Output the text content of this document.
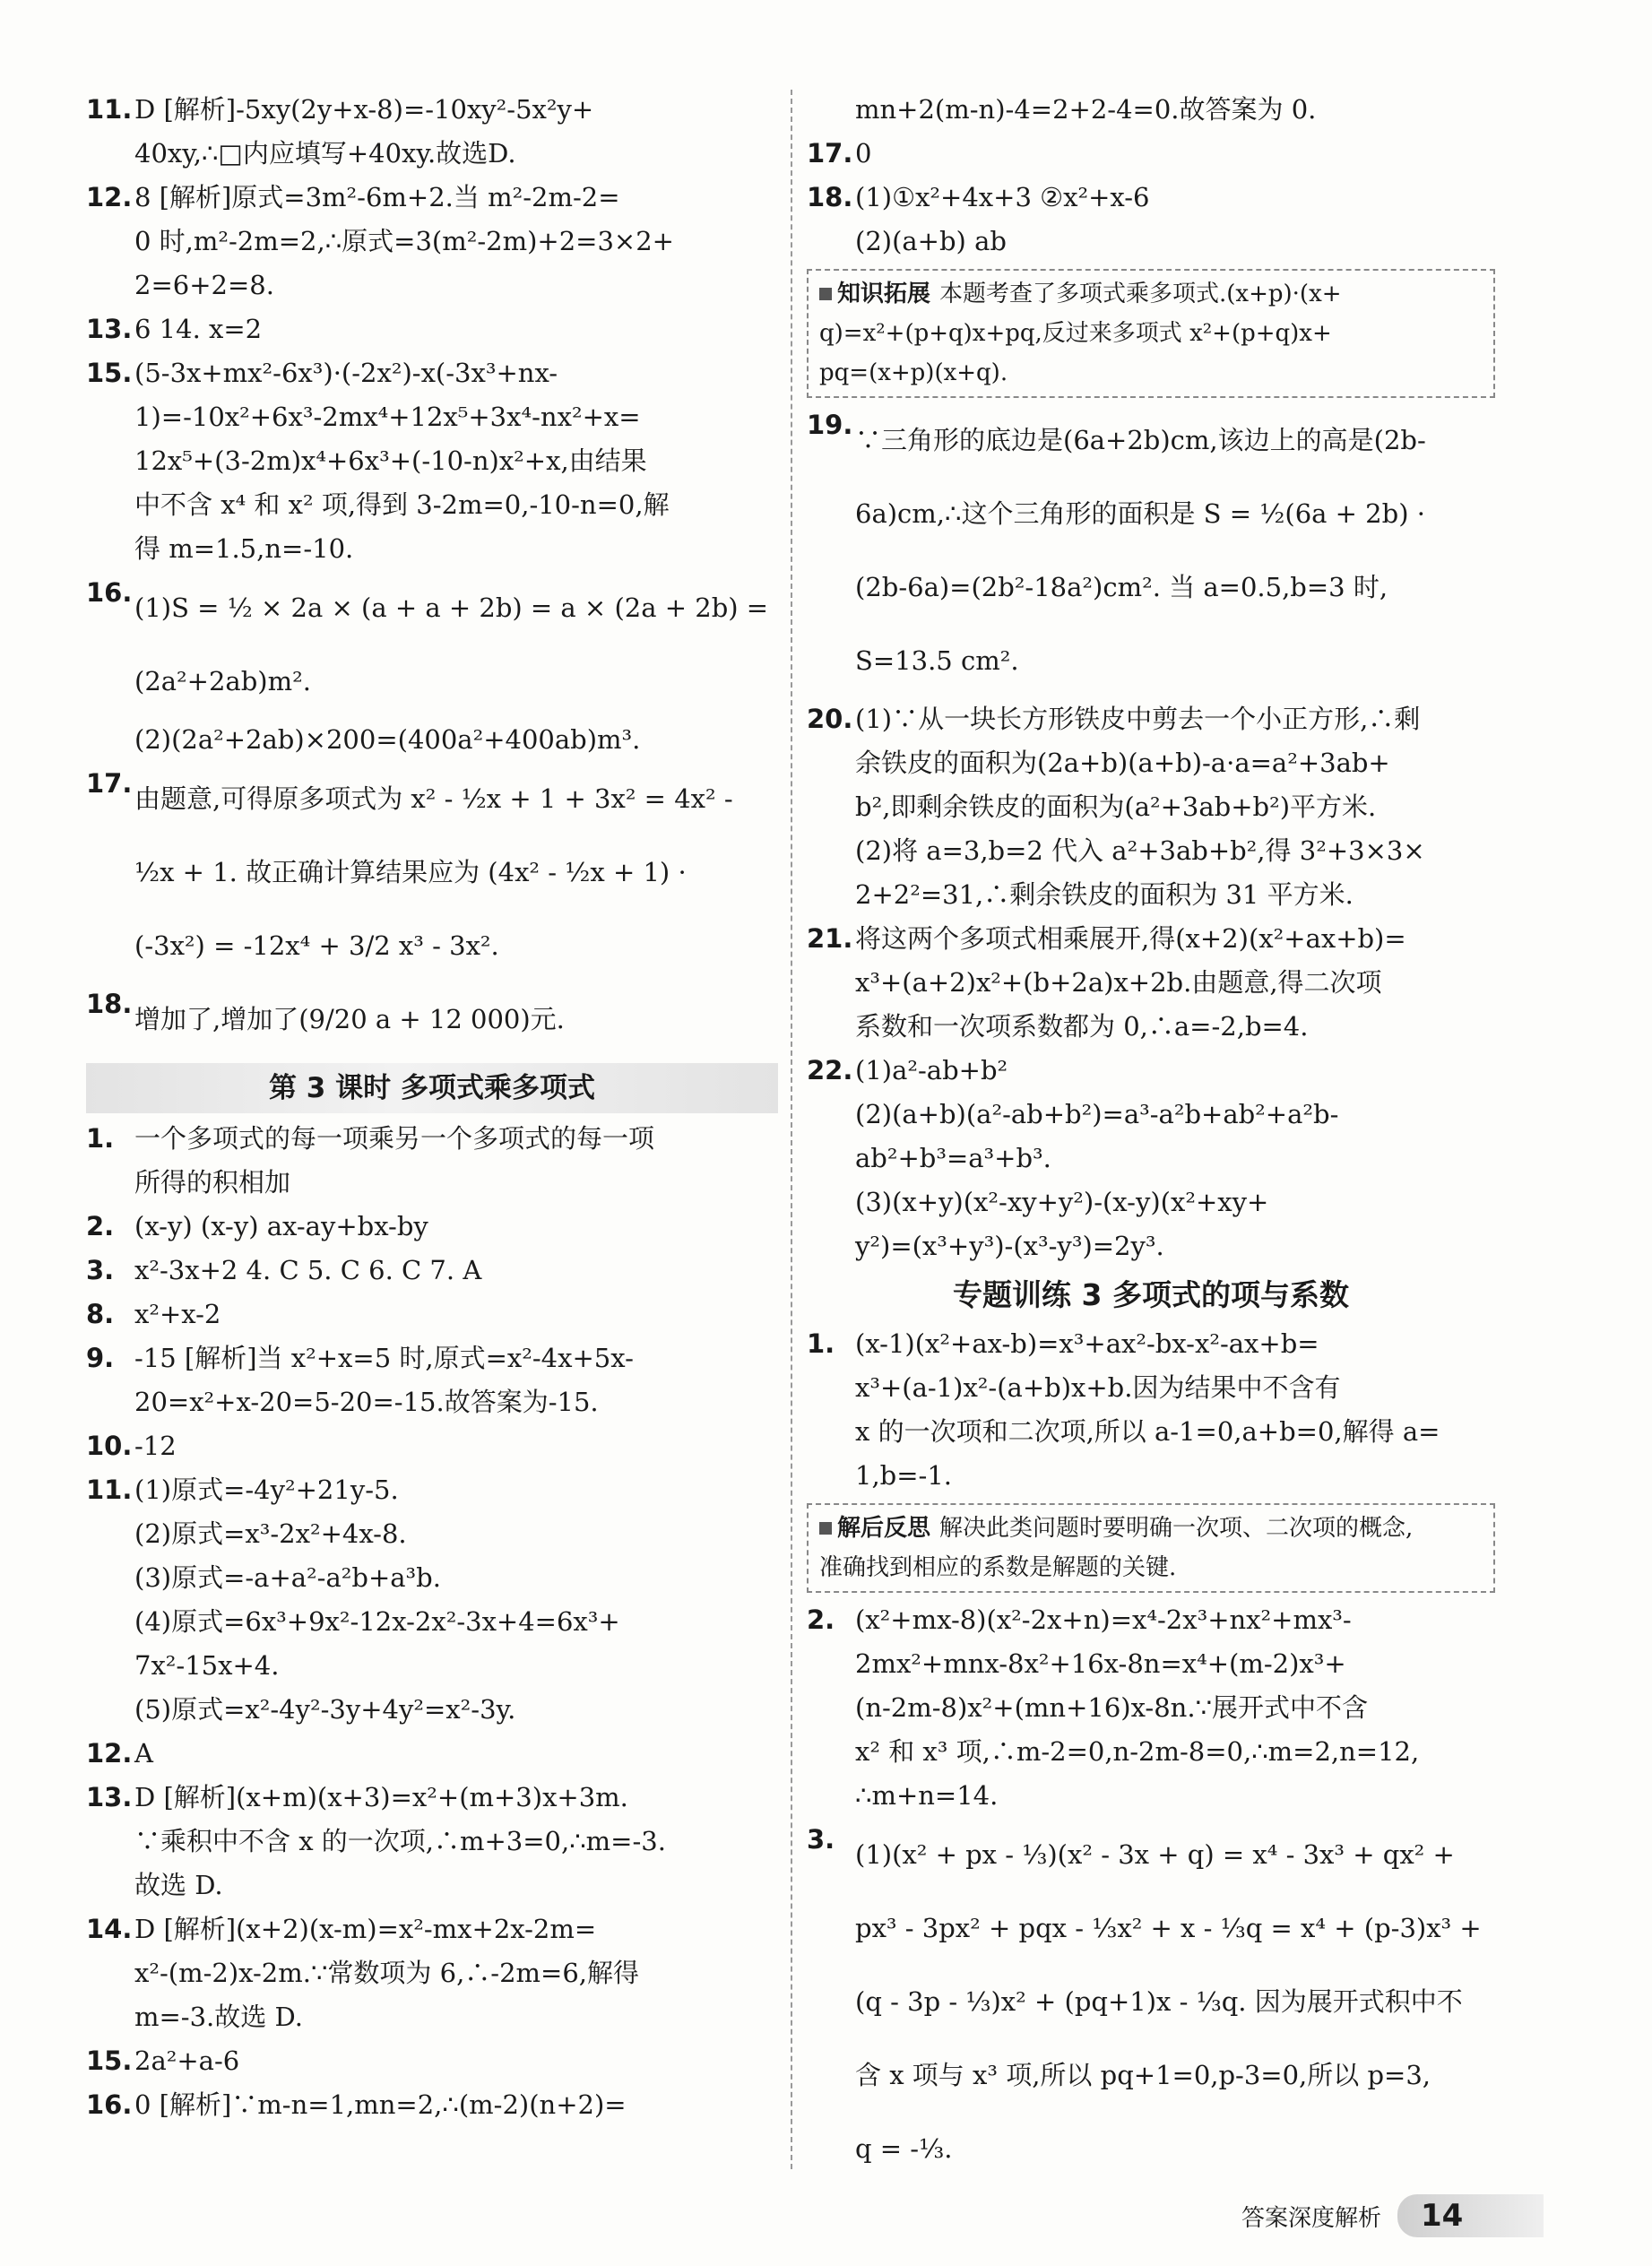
11. D [解析]-5xy(2y+x-8)=-10xy²-5x²y+
40xy,∴□内应填写+40xy.故选D.
12. 8 [解析]原式=3m²-6m+2.当 m²-2m-2=
0 时,m²-2m=2,∴原式=3(m²-2m)+2=3×2+
2=6+2=8.
13. 6 14. x=2
15. (5-3x+mx²-6x³)·(-2x²)-x(-3x³+nx-
1)=-10x²+6x³-2mx⁴+12x⁵+3x⁴-nx²+x=
12x⁵+(3-2m)x⁴+6x³+(-10-n)x²+x,由结果
中不含 x⁴ 和 x² 项,得到 3-2m=0,-10-n=0,解
得 m=1.5,n=-10.
16. (1)S = ½ × 2a × (a + a + 2b) = a × (2a + 2b) =
(2a²+2ab)m².
(2)(2a²+2ab)×200=(400a²+400ab)m³.
17. 由题意,可得原多项式为 x² - ½x + 1 + 3x² = 4x² -
½x + 1. 故正确计算结果应为 (4x² - ½x + 1) ·
(-3x²) = -12x⁴ + 3/2 x³ - 3x².
18. 增加了,增加了(9/20 a + 12 000)元.
第 3 课时 多项式乘多项式
1. 一个多项式的每一项乘另一个多项式的每一项
所得的积相加
2. (x-y) (x-y) ax-ay+bx-by
3. x²-3x+2 4. C 5. C 6. C 7. A
8. x²+x-2
9. -15 [解析]当 x²+x=5 时,原式=x²-4x+5x-
20=x²+x-20=5-20=-15.故答案为-15.
10. -12
11. (1)原式=-4y²+21y-5.
(2)原式=x³-2x²+4x-8.
(3)原式=-a+a²-a²b+a³b.
(4)原式=6x³+9x²-12x-2x²-3x+4=6x³+
7x²-15x+4.
(5)原式=x²-4y²-3y+4y²=x²-3y.
12. A
13. D [解析](x+m)(x+3)=x²+(m+3)x+3m.
∵乘积中不含 x 的一次项,∴m+3=0,∴m=-3.
故选 D.
14. D [解析](x+2)(x-m)=x²-mx+2x-2m=
x²-(m-2)x-2m.∵常数项为 6,∴-2m=6,解得
m=-3.故选 D.
15. 2a²+a-6
16. 0 [解析]∵m-n=1,mn=2,∴(m-2)(n+2)=
mn+2(m-n)-4=2+2-4=0.故答案为 0.
17. 0
18. (1)①x²+4x+3 ②x²+x-6
(2)(a+b) ab
知识拓展 本题考查了多项式乘多项式.(x+p)·(x+
q)=x²+(p+q)x+pq,反过来多项式 x²+(p+q)x+
pq=(x+p)(x+q).
19. ∵三角形的底边是(6a+2b)cm,该边上的高是(2b-
6a)cm,∴这个三角形的面积是 S = ½(6a + 2b) ·
(2b-6a)=(2b²-18a²)cm². 当 a=0.5,b=3 时,
S=13.5 cm².
20. (1)∵从一块长方形铁皮中剪去一个小正方形,∴剩
余铁皮的面积为(2a+b)(a+b)-a·a=a²+3ab+
b²,即剩余铁皮的面积为(a²+3ab+b²)平方米.
(2)将 a=3,b=2 代入 a²+3ab+b²,得 3²+3×3×
2+2²=31,∴剩余铁皮的面积为 31 平方米.
21. 将这两个多项式相乘展开,得(x+2)(x²+ax+b)=
x³+(a+2)x²+(b+2a)x+2b.由题意,得二次项
系数和一次项系数都为 0,∴a=-2,b=4.
22. (1)a²-ab+b²
(2)(a+b)(a²-ab+b²)=a³-a²b+ab²+a²b-
ab²+b³=a³+b³.
(3)(x+y)(x²-xy+y²)-(x-y)(x²+xy+
y²)=(x³+y³)-(x³-y³)=2y³.
专题训练 3 多项式的项与系数
1. (x-1)(x²+ax-b)=x³+ax²-bx-x²-ax+b=
x³+(a-1)x²-(a+b)x+b.因为结果中不含有
x 的一次项和二次项,所以 a-1=0,a+b=0,解得 a=
1,b=-1.
解后反思 解决此类问题时要明确一次项、二次项的概念,
准确找到相应的系数是解题的关键.
2. (x²+mx-8)(x²-2x+n)=x⁴-2x³+nx²+mx³-
2mx²+mnx-8x²+16x-8n=x⁴+(m-2)x³+
(n-2m-8)x²+(mn+16)x-8n.∵展开式中不含
x² 和 x³ 项,∴m-2=0,n-2m-8=0,∴m=2,n=12,
∴m+n=14.
3. (1)(x² + px - ⅓)(x² - 3x + q) = x⁴ - 3x³ + qx² +
px³ - 3px² + pqx - ⅓x² + x - ⅓q = x⁴ + (p-3)x³ +
(q - 3p - ⅓)x² + (pq+1)x - ⅓q. 因为展开式积中不
含 x 项与 x³ 项,所以 pq+1=0,p-3=0,所以 p=3,
q = -⅓.
答案深度解析	14
